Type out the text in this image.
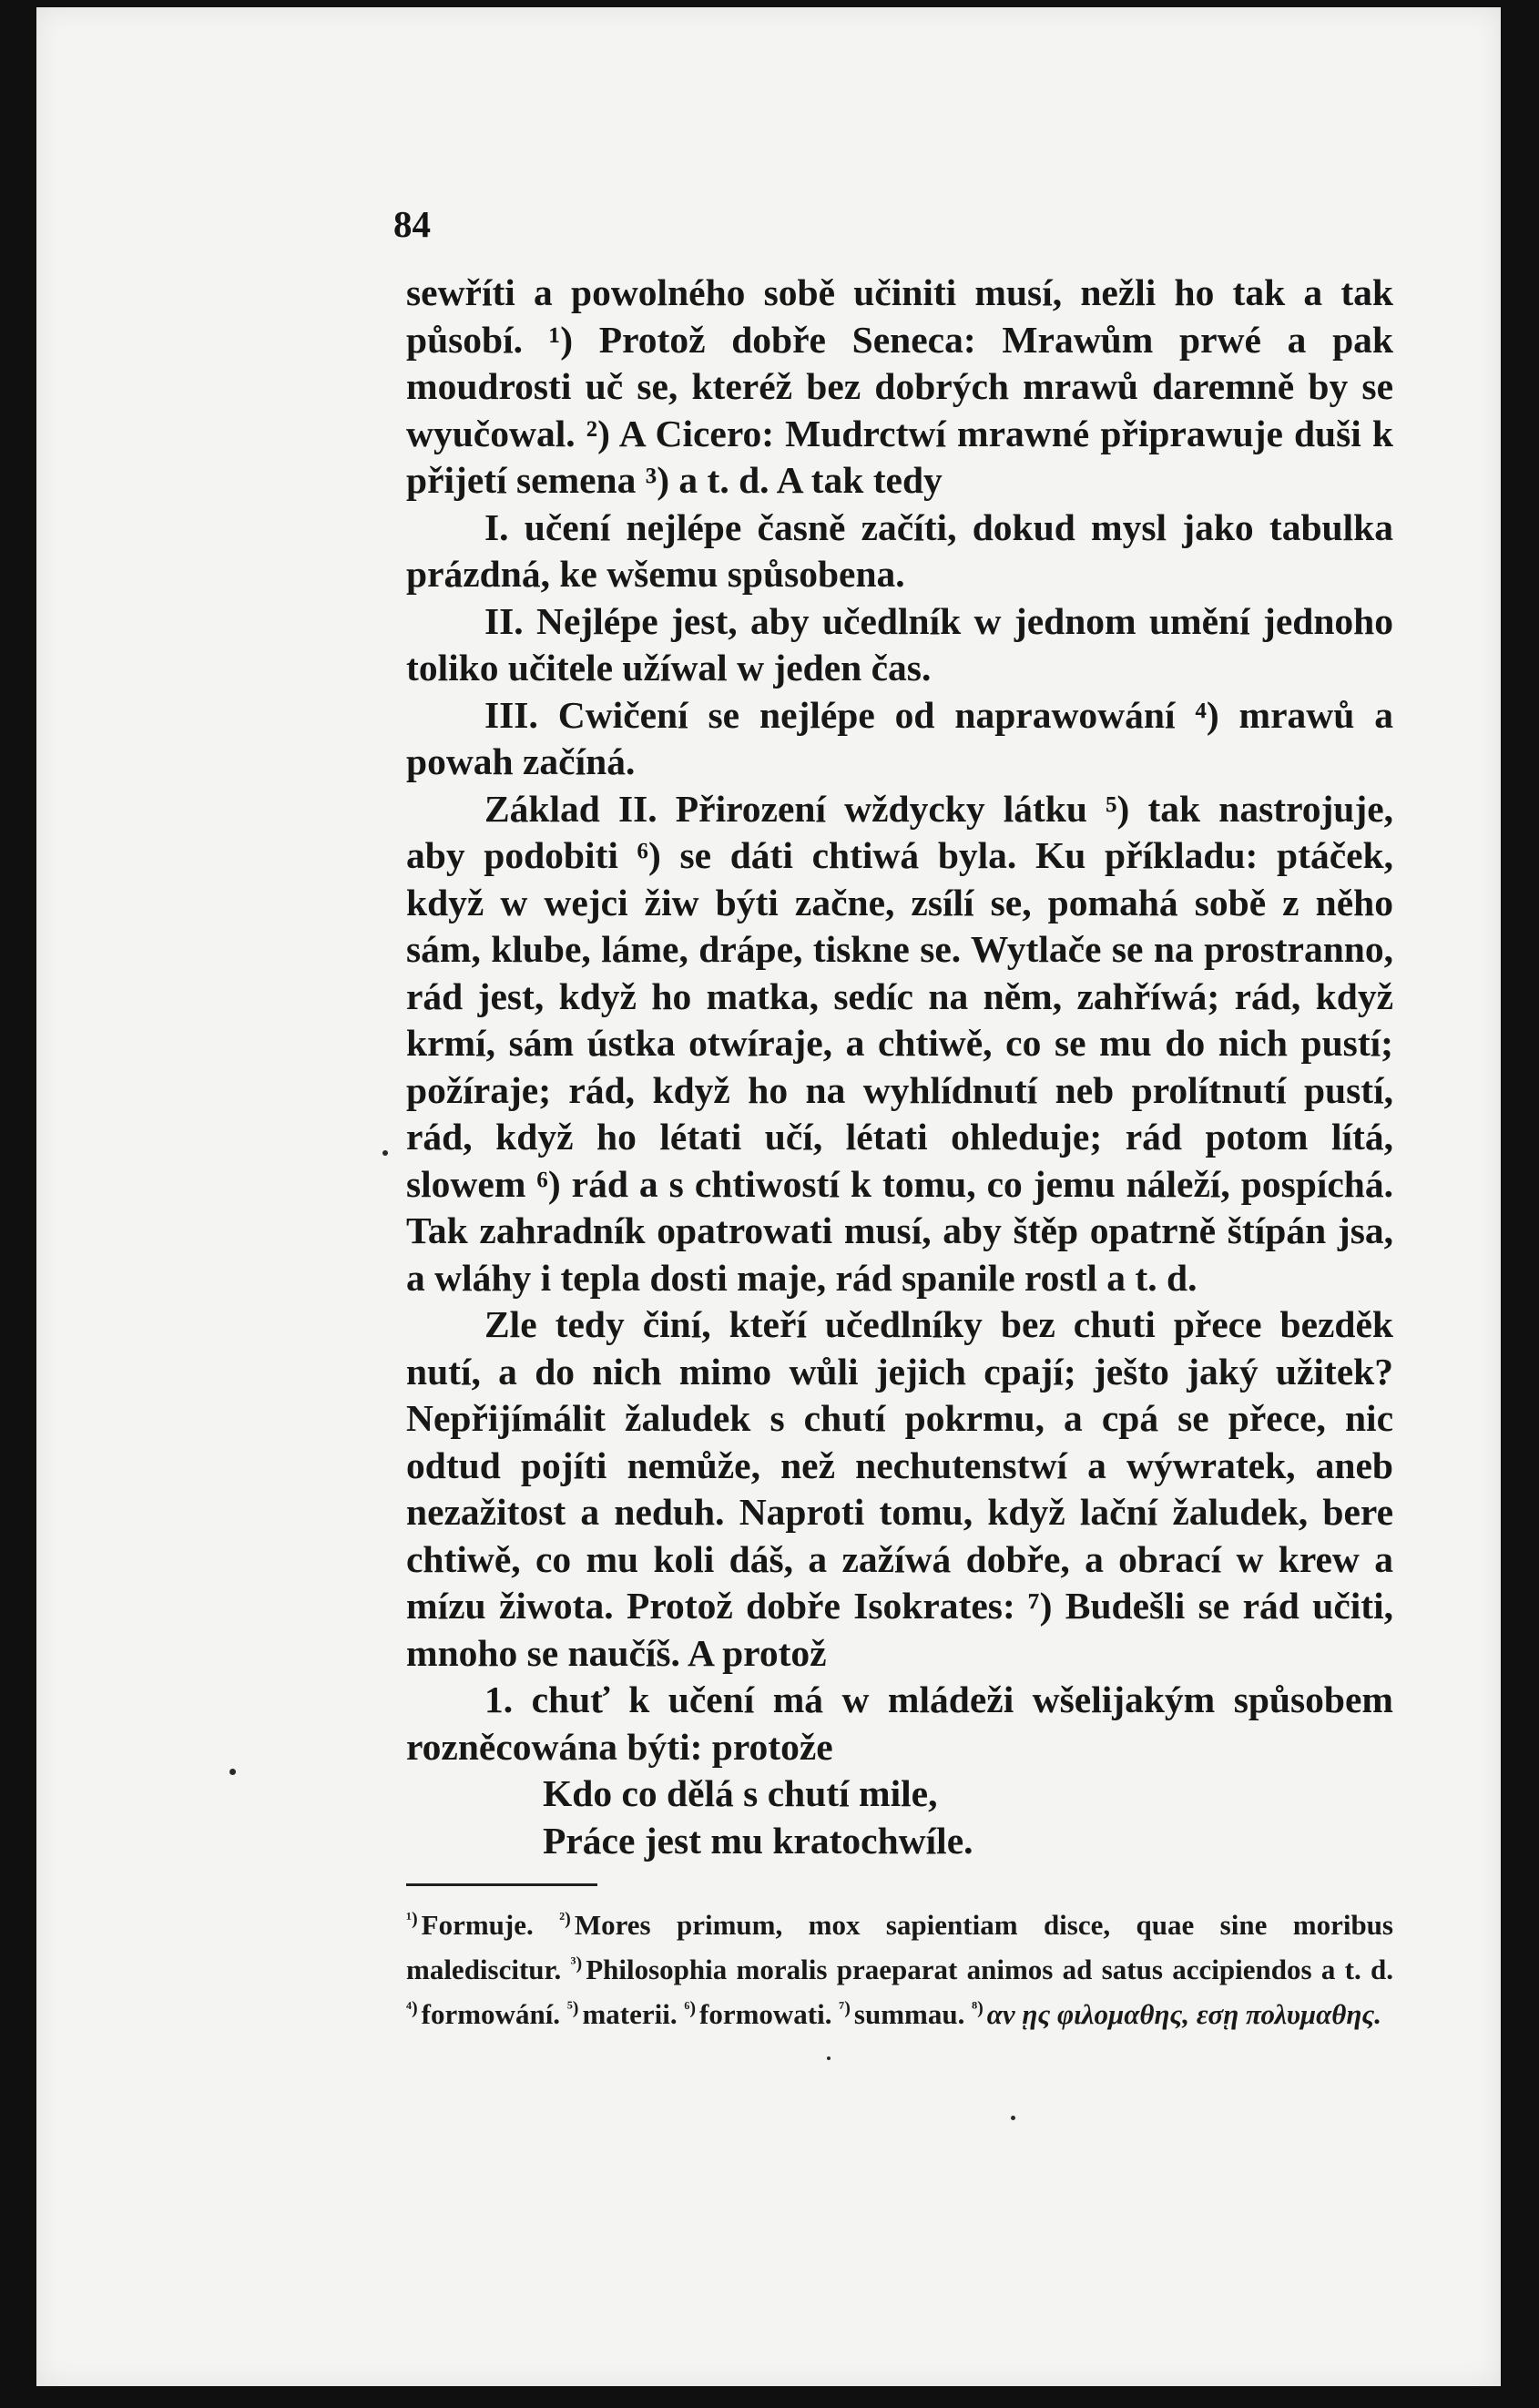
84

sewříti a powolného sobě učiniti musí, nežli ho tak a tak působí. ¹) Protož dobře Seneca: Mrawům prwé a pak moudrosti uč se, kteréž bez dobrých mrawů daremně by se wyučowal. ²) A Cicero: Mudrctwí mrawné připrawuje duši k přijetí semena ³) a t. d. A tak tedy

I. učení nejlépe časně začíti, dokud mysl jako tabulka prázdná, ke wšemu spůsobena.

II. Nejlépe jest, aby učedlník w jednom umění jednoho toliko učitele užíwal w jeden čas.

III. Cwičení se nejlépe od naprawowání ⁴) mrawů a powah začíná.

Základ II. Přirození wždycky látku ⁵) tak nastrojuje, aby podobiti ⁶) se dáti chtiwá byla. Ku příkladu: ptáček, když w wejci žiw býti začne, zsílí se, pomahá sobě z něho sám, klube, láme, drápe, tiskne se. Wytlače se na prostranno, rád jest, když ho matka, sedíc na něm, zahříwá; rád, když krmí, sám ústka otwíraje, a chtiwě, co se mu do nich pustí; požíraje; rád, když ho na wyhlídnutí neb prolítnutí pustí, rád, když ho létati učí, létati ohleduje; rád potom lítá, slowem ⁶) rád a s chtiwostí k tomu, co jemu náleží, pospíchá. Tak zahradník opatrowati musí, aby štěp opatrně štípán jsa, a wláhy i tepla dosti maje, rád spanile rostl a t. d.

Zle tedy činí, kteří učedlníky bez chuti přece bezděk nutí, a do nich mimo wůli jejich cpají; ješto jaký užitek? Nepřijímálit žaludek s chutí pokrmu, a cpá se přece, nic odtud pojíti nemůže, než nechutenstwí a wýwratek, aneb nezažitost a neduh. Naproti tomu, když lační žaludek, bere chtiwě, co mu koli dáš, a zažíwá dobře, a obrací w krew a mízu žiwota. Protož dobře Isokrates: ⁷) Budešli se rád učiti, mnoho se naučíš. A protož

1. chuť k učení má w mládeži wšelijakým spůsobem rozněcowána býti: protože

Kdo co dělá s chutí mile,

Práce jest mu kratochwíle.

$^{^1)}$ Formuje. $^{^2)}$ Mores primum, mox sapientiam disce, quae sine moribus malediscitur. $^{^3)}$ Philosophia moralis praeparat animos ad satus accipiendos a t. d. $^{^4)}$ formowání. $^{^5)}$ materii. $^{^6)}$ formowati. $^{^7)}$ summau. $^{^8)}$ αν ῃς φιλομαθης, εσῃ πολυμαθης.
